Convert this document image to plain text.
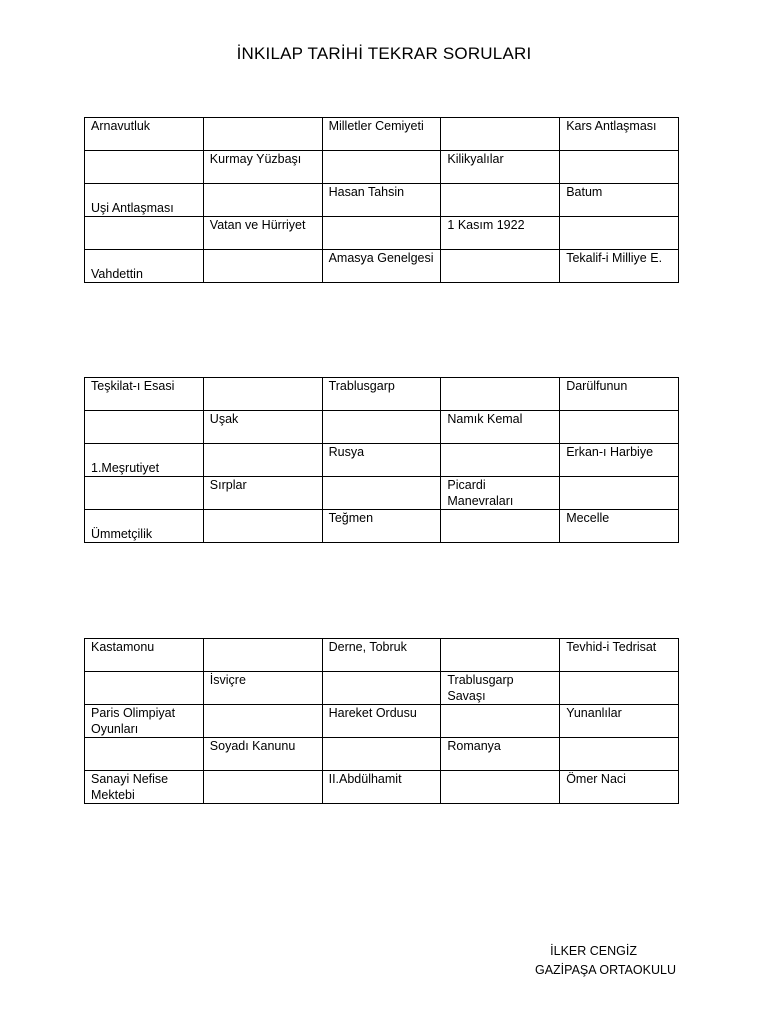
İNKILAP TARİHİ TEKRAR SORULARI
Arnavutluk		Milletler Cemiyeti		Kars Antlaşması
	Kurmay Yüzbaşı		Kilikyalılar	
Uşi Antlaşması		Hasan Tahsin		Batum
	Vatan ve Hürriyet		1 Kasım 1922	
Vahdettin		Amasya Genelgesi		Tekalif-i Milliye E.
Teşkilat-ı Esasi		Trablusgarp		Darülfunun
	Uşak		Namık Kemal	
1.Meşrutiyet		Rusya		Erkan-ı Harbiye
	Sırplar		Picardi Manevraları	
Ümmetçilik		Teğmen		Mecelle
Kastamonu		Derne, Tobruk		Tevhid-i Tedrisat
	İsviçre		Trablusgarp Savaşı	
Paris Olimpiyat Oyunları		Hareket Ordusu		Yunanlılar
	Soyadı Kanunu		Romanya	
Sanayi Nefise Mektebi		II.Abdülhamit		Ömer Naci
İLKER CENGİZ
GAZİPAŞA ORTAOKULU
